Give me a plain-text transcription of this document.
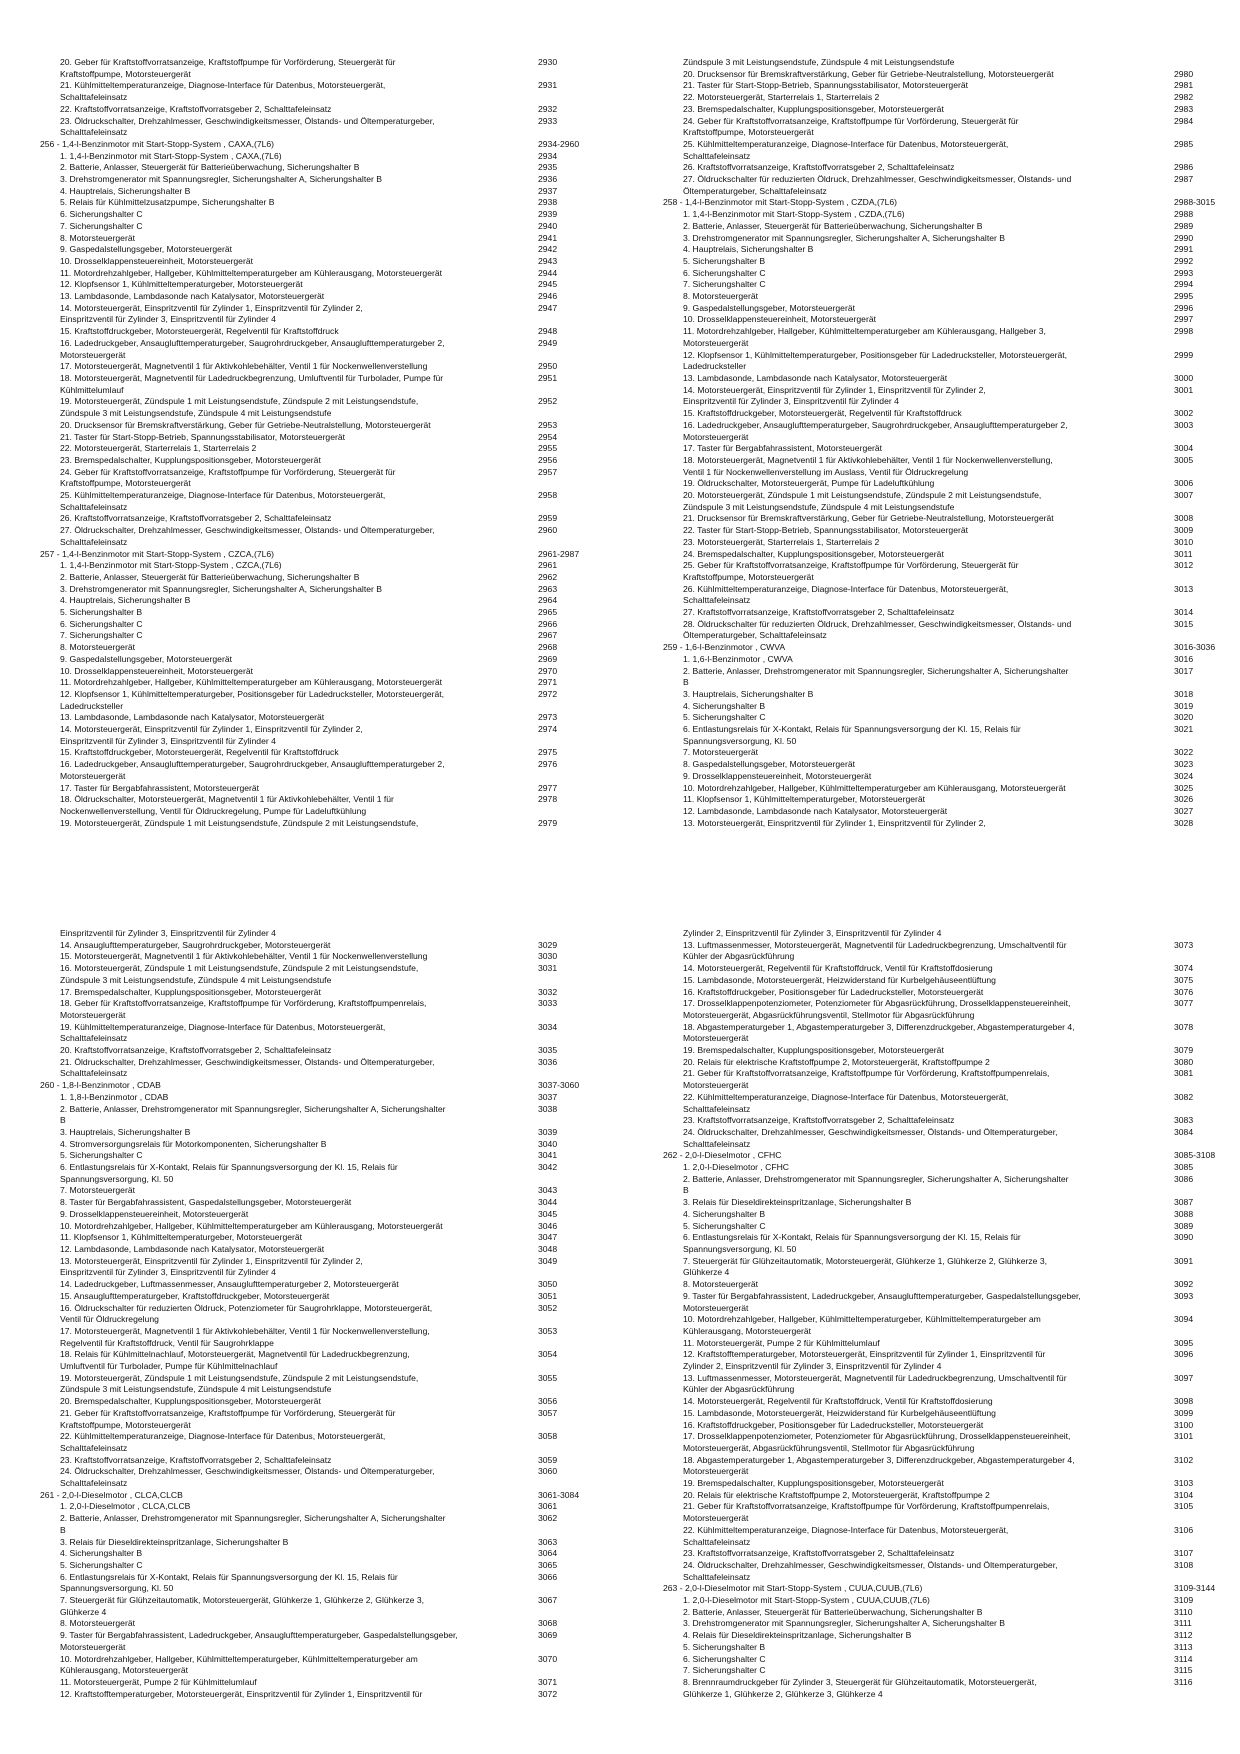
20. Geber für Kraftstoffvorratsanzeige, Kraftstoffpumpe für Vorförderung, Steuergerät für	2930
Kraftstoffpumpe, Motorsteuergerät
21. Kühlmitteltemperaturanzeige, Diagnose-Interface für Datenbus, Motorsteuergerät,	2931
Schalttafeleinsatz
22. Kraftstoffvorratsanzeige, Kraftstoffvorratsgeber 2, Schalttafeleinsatz	2932
23. Öldruckschalter, Drehzahlmesser, Geschwindigkeitsmesser, Ölstands- und Öltemperaturgeber,	2933
Schalttafeleinsatz
256 - 1,4-l-Benzinmotor mit Start-Stopp-System , CAXA,(7L6)	2934-2960
1. 1,4-l-Benzinmotor mit Start-Stopp-System , CAXA,(7L6)	2934
2. Batterie, Anlasser, Steuergerät für Batterieüberwachung, Sicherungshalter B	2935
3. Drehstromgenerator mit Spannungsregler, Sicherungshalter A, Sicherungshalter B	2936
4. Hauptrelais, Sicherungshalter B	2937
5. Relais für Kühlmittelzusatzpumpe, Sicherungshalter B	2938
6. Sicherungshalter C	2939
7. Sicherungshalter C	2940
8. Motorsteuergerät	2941
9. Gaspedalstellungsgeber, Motorsteuergerät	2942
10. Drosselklappensteuereinheit, Motorsteuergerät	2943
11. Motordrehzahlgeber, Hallgeber, Kühlmitteltemperaturgeber am Kühlerausgang, Motorsteuergerät	2944
12. Klopfsensor 1, Kühlmitteltemperaturgeber, Motorsteuergerät	2945
13. Lambdasonde, Lambdasonde nach Katalysator, Motorsteuergerät	2946
14. Motorsteuergerät, Einspritzventil für Zylinder 1, Einspritzventil für Zylinder 2,	2947
Einspritzventil für Zylinder 3, Einspritzventil für Zylinder 4
15. Kraftstoffdruckgeber, Motorsteuergerät, Regelventil für Kraftstoffdruck	2948
16. Ladedruckgeber, Ansauglufttemperaturgeber, Saugrohrdruckgeber, Ansauglufttemperaturgeber 2,	2949
Motorsteuergerät
17. Motorsteuergerät, Magnetventil 1 für Aktivkohlebehälter, Ventil 1 für Nockenwellenverstellung	2950
18. Motorsteuergerät, Magnetventil für Ladedruckbegrenzung, Umluftventil für Turbolader, Pumpe für	2951
Kühlmittelumlauf
19. Motorsteuergerät, Zündspule 1 mit Leistungsendstufe, Zündspule 2 mit Leistungsendstufe,	2952
Zündspule 3 mit Leistungsendstufe, Zündspule 4 mit Leistungsendstufe
20. Drucksensor für Bremskraftverstärkung, Geber für Getriebe-Neutralstellung, Motorsteuergerät	2953
21. Taster für Start-Stopp-Betrieb, Spannungsstabilisator, Motorsteuergerät	2954
22. Motorsteuergerät, Starterrelais 1, Starterrelais 2	2955
23. Bremspedalschalter, Kupplungspositionsgeber, Motorsteuergerät	2956
24. Geber für Kraftstoffvorratsanzeige, Kraftstoffpumpe für Vorförderung, Steuergerät für	2957
Kraftstoffpumpe, Motorsteuergerät
25. Kühlmitteltemperaturanzeige, Diagnose-Interface für Datenbus, Motorsteuergerät,	2958
Schalttafeleinsatz
26. Kraftstoffvorratsanzeige, Kraftstoffvorratsgeber 2, Schalttafeleinsatz	2959
27. Öldruckschalter, Drehzahlmesser, Geschwindigkeitsmesser, Ölstands- und Öltemperaturgeber,	2960
Schalttafeleinsatz
257 - 1,4-l-Benzinmotor mit Start-Stopp-System , CZCA,(7L6)	2961-2987
1. 1,4-l-Benzinmotor mit Start-Stopp-System , CZCA,(7L6)	2961
2. Batterie, Anlasser, Steuergerät für Batterieüberwachung, Sicherungshalter B	2962
3. Drehstromgenerator mit Spannungsregler, Sicherungshalter A, Sicherungshalter B	2963
4. Hauptrelais, Sicherungshalter B	2964
5. Sicherungshalter B	2965
6. Sicherungshalter C	2966
7. Sicherungshalter C	2967
8. Motorsteuergerät	2968
9. Gaspedalstellungsgeber, Motorsteuergerät	2969
10. Drosselklappensteuereinheit, Motorsteuergerät	2970
11. Motordrehzahlgeber, Hallgeber, Kühlmitteltemperaturgeber am Kühlerausgang, Motorsteuergerät	2971
12. Klopfsensor 1, Kühlmitteltemperaturgeber, Positionsgeber für Ladedrucksteller, Motorsteuergerät,	2972
Ladedrucksteller
13. Lambdasonde, Lambdasonde nach Katalysator, Motorsteuergerät	2973
14. Motorsteuergerät, Einspritzventil für Zylinder 1, Einspritzventil für Zylinder 2,	2974
Einspritzventil für Zylinder 3, Einspritzventil für Zylinder 4
15. Kraftstoffdruckgeber, Motorsteuergerät, Regelventil für Kraftstoffdruck	2975
16. Ladedruckgeber, Ansauglufttemperaturgeber, Saugrohrdruckgeber, Ansauglufttemperaturgeber 2,	2976
Motorsteuergerät
17. Taster für Bergabfahrassistent, Motorsteuergerät	2977
18. Öldruckschalter, Motorsteuergerät, Magnetventil 1 für Aktivkohlebehälter, Ventil 1 für	2978
Nockenwellenverstellung, Ventil für Öldruckregelung, Pumpe für Ladeluftkühlung
19. Motorsteuergerät, Zündspule 1 mit Leistungsendstufe, Zündspule 2 mit Leistungsendstufe,	2979
Zündspule 3 mit Leistungsendstufe, Zündspule 4 mit Leistungsendstufe
20. Drucksensor für Bremskraftverstärkung, Geber für Getriebe-Neutralstellung, Motorsteuergerät	2980
21. Taster für Start-Stopp-Betrieb, Spannungsstabilisator, Motorsteuergerät	2981
22. Motorsteuergerät, Starterrelais 1, Starterrelais 2	2982
23. Bremspedalschalter, Kupplungspositionsgeber, Motorsteuergerät	2983
24. Geber für Kraftstoffvorratsanzeige, Kraftstoffpumpe für Vorförderung, Steuergerät für	2984
Kraftstoffpumpe, Motorsteuergerät
25. Kühlmitteltemperaturanzeige, Diagnose-Interface für Datenbus, Motorsteuergerät,	2985
Schalttafeleinsatz
26. Kraftstoffvorratsanzeige, Kraftstoffvorratsgeber 2, Schalttafeleinsatz	2986
27. Öldruckschalter für reduzierten Öldruck, Drehzahlmesser, Geschwindigkeitsmesser, Ölstands- und	2987
Öltemperaturgeber, Schalttafeleinsatz
258 - 1,4-l-Benzinmotor mit Start-Stopp-System , CZDA,(7L6)	2988-3015
1. 1,4-l-Benzinmotor mit Start-Stopp-System , CZDA,(7L6)	2988
2. Batterie, Anlasser, Steuergerät für Batterieüberwachung, Sicherungshalter B	2989
3. Drehstromgenerator mit Spannungsregler, Sicherungshalter A, Sicherungshalter B	2990
4. Hauptrelais, Sicherungshalter B	2991
5. Sicherungshalter B	2992
6. Sicherungshalter C	2993
7. Sicherungshalter C	2994
8. Motorsteuergerät	2995
9. Gaspedalstellungsgeber, Motorsteuergerät	2996
10. Drosselklappensteuereinheit, Motorsteuergerät	2997
11. Motordrehzahlgeber, Hallgeber, Kühlmitteltemperaturgeber am Kühlerausgang, Hallgeber 3,	2998
Motorsteuergerät
12. Klopfsensor 1, Kühlmitteltemperaturgeber, Positionsgeber für Ladedrucksteller, Motorsteuergerät,	2999
Ladedrucksteller
13. Lambdasonde, Lambdasonde nach Katalysator, Motorsteuergerät	3000
14. Motorsteuergerät, Einspritzventil für Zylinder 1, Einspritzventil für Zylinder 2,	3001
Einspritzventil für Zylinder 3, Einspritzventil für Zylinder 4
15. Kraftstoffdruckgeber, Motorsteuergerät, Regelventil für Kraftstoffdruck	3002
16. Ladedruckgeber, Ansauglufttemperaturgeber, Saugrohrdruckgeber, Ansauglufttemperaturgeber 2,	3003
Motorsteuergerät
17. Taster für Bergabfahrassistent, Motorsteuergerät	3004
18. Motorsteuergerät, Magnetventil 1 für Aktivkohlebehälter, Ventil 1 für Nockenwellenverstellung,	3005
Ventil 1 für Nockenwellenverstellung im Auslass, Ventil für Öldruckregelung
19. Öldruckschalter, Motorsteuergerät, Pumpe für Ladeluftkühlung	3006
20. Motorsteuergerät, Zündspule 1 mit Leistungsendstufe, Zündspule 2 mit Leistungsendstufe,	3007
Zündspule 3 mit Leistungsendstufe, Zündspule 4 mit Leistungsendstufe
21. Drucksensor für Bremskraftverstärkung, Geber für Getriebe-Neutralstellung, Motorsteuergerät	3008
22. Taster für Start-Stopp-Betrieb, Spannungsstabilisator, Motorsteuergerät	3009
23. Motorsteuergerät, Starterrelais 1, Starterrelais 2	3010
24. Bremspedalschalter, Kupplungspositionsgeber, Motorsteuergerät	3011
25. Geber für Kraftstoffvorratsanzeige, Kraftstoffpumpe für Vorförderung, Steuergerät für	3012
Kraftstoffpumpe, Motorsteuergerät
26. Kühlmitteltemperaturanzeige, Diagnose-Interface für Datenbus, Motorsteuergerät,	3013
Schalttafeleinsatz
27. Kraftstoffvorratsanzeige, Kraftstoffvorratsgeber 2, Schalttafeleinsatz	3014
28. Öldruckschalter für reduzierten Öldruck, Drehzahlmesser, Geschwindigkeitsmesser, Ölstands- und	3015
Öltemperaturgeber, Schalttafeleinsatz
259 - 1,6-l-Benzinmotor , CWVA	3016-3036
1. 1,6-l-Benzinmotor , CWVA	3016
2. Batterie, Anlasser, Drehstromgenerator mit Spannungsregler, Sicherungshalter A, Sicherungshalter	3017
B
3. Hauptrelais, Sicherungshalter B	3018
4. Sicherungshalter B	3019
5. Sicherungshalter C	3020
6. Entlastungsrelais für X-Kontakt, Relais für Spannungsversorgung der Kl. 15, Relais für	3021
Spannungsversorgung, Kl. 50
7. Motorsteuergerät	3022
8. Gaspedalstellungsgeber, Motorsteuergerät	3023
9. Drosselklappensteuereinheit, Motorsteuergerät	3024
10. Motordrehzahlgeber, Hallgeber, Kühlmitteltemperaturgeber am Kühlerausgang, Motorsteuergerät	3025
11. Klopfsensor 1, Kühlmitteltemperaturgeber, Motorsteuergerät	3026
12. Lambdasonde, Lambdasonde nach Katalysator, Motorsteuergerät	3027
13. Motorsteuergerät, Einspritzventil für Zylinder 1, Einspritzventil für Zylinder 2,	3028
Einspritzventil für Zylinder 3, Einspritzventil für Zylinder 4
14. Ansauglufttemperaturgeber, Saugrohrdruckgeber, Motorsteuergerät	3029
15. Motorsteuergerät, Magnetventil 1 für Aktivkohlebehälter, Ventil 1 für Nockenwellenverstellung	3030
16. Motorsteuergerät, Zündspule 1 mit Leistungsendstufe, Zündspule 2 mit Leistungsendstufe,	3031
Zündspule 3 mit Leistungsendstufe, Zündspule 4 mit Leistungsendstufe
17. Bremspedalschalter, Kupplungspositionsgeber, Motorsteuergerät	3032
18. Geber für Kraftstoffvorratsanzeige, Kraftstoffpumpe für Vorförderung, Kraftstoffpumpenrelais,	3033
Motorsteuergerät
19. Kühlmitteltemperaturanzeige, Diagnose-Interface für Datenbus, Motorsteuergerät,	3034
Schalttafeleinsatz
20. Kraftstoffvorratsanzeige, Kraftstoffvorratsgeber 2, Schalttafeleinsatz	3035
21. Öldruckschalter, Drehzahlmesser, Geschwindigkeitsmesser, Ölstands- und Öltemperaturgeber,	3036
Schalttafeleinsatz
260 - 1,8-l-Benzinmotor , CDAB	3037-3060
1. 1,8-l-Benzinmotor , CDAB	3037
2. Batterie, Anlasser, Drehstromgenerator mit Spannungsregler, Sicherungshalter A, Sicherungshalter	3038
B
3. Hauptrelais, Sicherungshalter B	3039
4. Stromversorgungsrelais für Motorkomponenten, Sicherungshalter B	3040
5. Sicherungshalter C	3041
6. Entlastungsrelais für X-Kontakt, Relais für Spannungsversorgung der Kl. 15, Relais für	3042
Spannungsversorgung, Kl. 50
7. Motorsteuergerät	3043
8. Taster für Bergabfahrassistent, Gaspedalstellungsgeber, Motorsteuergerät	3044
9. Drosselklappensteuereinheit, Motorsteuergerät	3045
10. Motordrehzahlgeber, Hallgeber, Kühlmitteltemperaturgeber am Kühlerausgang, Motorsteuergerät	3046
11. Klopfsensor 1, Kühlmitteltemperaturgeber, Motorsteuergerät	3047
12. Lambdasonde, Lambdasonde nach Katalysator, Motorsteuergerät	3048
13. Motorsteuergerät, Einspritzventil für Zylinder 1, Einspritzventil für Zylinder 2,	3049
Einspritzventil für Zylinder 3, Einspritzventil für Zylinder 4
14. Ladedruckgeber, Luftmassenmesser, Ansauglufttemperaturgeber 2, Motorsteuergerät	3050
15. Ansauglufttemperaturgeber, Kraftstoffdruckgeber, Motorsteuergerät	3051
16. Öldruckschalter für reduzierten Öldruck, Potenziometer für Saugrohrklappe, Motorsteuergerät,	3052
Ventil für Öldruckregelung
17. Motorsteuergerät, Magnetventil 1 für Aktivkohlebehälter, Ventil 1 für Nockenwellenverstellung,	3053
Regelventil für Kraftstoffdruck, Ventil für Saugrohrklappe
18. Relais für Kühlmittelnachlauf, Motorsteuergerät, Magnetventil für Ladedruckbegrenzung,	3054
Umluftventil für Turbolader, Pumpe für Kühlmittelnachlauf
19. Motorsteuergerät, Zündspule 1 mit Leistungsendstufe, Zündspule 2 mit Leistungsendstufe,	3055
Zündspule 3 mit Leistungsendstufe, Zündspule 4 mit Leistungsendstufe
20. Bremspedalschalter, Kupplungspositionsgeber, Motorsteuergerät	3056
21. Geber für Kraftstoffvorratsanzeige, Kraftstoffpumpe für Vorförderung, Steuergerät für	3057
Kraftstoffpumpe, Motorsteuergerät
22. Kühlmitteltemperaturanzeige, Diagnose-Interface für Datenbus, Motorsteuergerät,	3058
Schalttafeleinsatz
23. Kraftstoffvorratsanzeige, Kraftstoffvorratsgeber 2, Schalttafeleinsatz	3059
24. Öldruckschalter, Drehzahlmesser, Geschwindigkeitsmesser, Ölstands- und Öltemperaturgeber,	3060
Schalttafeleinsatz
261 - 2,0-l-Dieselmotor , CLCA,CLCB	3061-3084
1. 2,0-l-Dieselmotor , CLCA,CLCB	3061
2. Batterie, Anlasser, Drehstromgenerator mit Spannungsregler, Sicherungshalter A, Sicherungshalter	3062
B
3. Relais für Dieseldirekteinspritzanlage, Sicherungshalter B	3063
4. Sicherungshalter B	3064
5. Sicherungshalter C	3065
6. Entlastungsrelais für X-Kontakt, Relais für Spannungsversorgung der Kl. 15, Relais für	3066
Spannungsversorgung, Kl. 50
7. Steuergerät für Glühzeitautomatik, Motorsteuergerät, Glühkerze 1, Glühkerze 2, Glühkerze 3,	3067
Glühkerze 4
8. Motorsteuergerät	3068
9. Taster für Bergabfahrassistent, Ladedruckgeber, Ansauglufttemperaturgeber, Gaspedalstellungsgeber,	3069
Motorsteuergerät
10. Motordrehzahlgeber, Hallgeber, Kühlmitteltemperaturgeber, Kühlmitteltemperaturgeber am	3070
Kühlerausgang, Motorsteuergerät
11. Motorsteuergerät, Pumpe 2 für Kühlmittelumlauf	3071
12. Kraftstofftemperaturgeber, Motorsteuergerät, Einspritzventil für Zylinder 1, Einspritzventil für	3072
Zylinder 2, Einspritzventil für Zylinder 3, Einspritzventil für Zylinder 4
13. Luftmassenmesser, Motorsteuergerät, Magnetventil für Ladedruckbegrenzung, Umschaltventil für	3073
Kühler der Abgasrückführung
14. Motorsteuergerät, Regelventil für Kraftstoffdruck, Ventil für Kraftstoffdosierung	3074
15. Lambdasonde, Motorsteuergerät, Heizwiderstand für Kurbelgehäuseentlüftung	3075
16. Kraftstoffdruckgeber, Positionsgeber für Ladedrucksteller, Motorsteuergerät	3076
17. Drosselklappenpotenziometer, Potenziometer für Abgasrückführung, Drosselklappensteuereinheit,	3077
Motorsteuergerät, Abgasrückführungsventil, Stellmotor für Abgasrückführung
18. Abgastemperaturgeber 1, Abgastemperaturgeber 3, Differenzdruckgeber, Abgastemperaturgeber 4,	3078
Motorsteuergerät
19. Bremspedalschalter, Kupplungspositionsgeber, Motorsteuergerät	3079
20. Relais für elektrische Kraftstoffpumpe 2, Motorsteuergerät, Kraftstoffpumpe 2	3080
21. Geber für Kraftstoffvorratsanzeige, Kraftstoffpumpe für Vorförderung, Kraftstoffpumpenrelais,	3081
Motorsteuergerät
22. Kühlmitteltemperaturanzeige, Diagnose-Interface für Datenbus, Motorsteuergerät,	3082
Schalttafeleinsatz
23. Kraftstoffvorratsanzeige, Kraftstoffvorratsgeber 2, Schalttafeleinsatz	3083
24. Öldruckschalter, Drehzahlmesser, Geschwindigkeitsmesser, Ölstands- und Öltemperaturgeber,	3084
Schalttafeleinsatz
262 - 2,0-l-Dieselmotor , CFHC	3085-3108
1. 2,0-l-Dieselmotor , CFHC	3085
2. Batterie, Anlasser, Drehstromgenerator mit Spannungsregler, Sicherungshalter A, Sicherungshalter	3086
B
3. Relais für Dieseldirekteinspritzanlage, Sicherungshalter B	3087
4. Sicherungshalter B	3088
5. Sicherungshalter C	3089
6. Entlastungsrelais für X-Kontakt, Relais für Spannungsversorgung der Kl. 15, Relais für	3090
Spannungsversorgung, Kl. 50
7. Steuergerät für Glühzeitautomatik, Motorsteuergerät, Glühkerze 1, Glühkerze 2, Glühkerze 3,	3091
Glühkerze 4
8. Motorsteuergerät	3092
9. Taster für Bergabfahrassistent, Ladedruckgeber, Ansauglufttemperaturgeber, Gaspedalstellungsgeber,	3093
Motorsteuergerät
10. Motordrehzahlgeber, Hallgeber, Kühlmitteltemperaturgeber, Kühlmitteltemperaturgeber am	3094
Kühlerausgang, Motorsteuergerät
11. Motorsteuergerät, Pumpe 2 für Kühlmittelumlauf	3095
12. Kraftstofftemperaturgeber, Motorsteuergerät, Einspritzventil für Zylinder 1, Einspritzventil für	3096
Zylinder 2, Einspritzventil für Zylinder 3, Einspritzventil für Zylinder 4
13. Luftmassenmesser, Motorsteuergerät, Magnetventil für Ladedruckbegrenzung, Umschaltventil für	3097
Kühler der Abgasrückführung
14. Motorsteuergerät, Regelventil für Kraftstoffdruck, Ventil für Kraftstoffdosierung	3098
15. Lambdasonde, Motorsteuergerät, Heizwiderstand für Kurbelgehäuseentlüftung	3099
16. Kraftstoffdruckgeber, Positionsgeber für Ladedrucksteller, Motorsteuergerät	3100
17. Drosselklappenpotenziometer, Potenziometer für Abgasrückführung, Drosselklappensteuereinheit,	3101
Motorsteuergerät, Abgasrückführungsventil, Stellmotor für Abgasrückführung
18. Abgastemperaturgeber 1, Abgastemperaturgeber 3, Differenzdruckgeber, Abgastemperaturgeber 4,	3102
Motorsteuergerät
19. Bremspedalschalter, Kupplungspositionsgeber, Motorsteuergerät	3103
20. Relais für elektrische Kraftstoffpumpe 2, Motorsteuergerät, Kraftstoffpumpe 2	3104
21. Geber für Kraftstoffvorratsanzeige, Kraftstoffpumpe für Vorförderung, Kraftstoffpumpenrelais,	3105
Motorsteuergerät
22. Kühlmitteltemperaturanzeige, Diagnose-Interface für Datenbus, Motorsteuergerät,	3106
Schalttafeleinsatz
23. Kraftstoffvorratsanzeige, Kraftstoffvorratsgeber 2, Schalttafeleinsatz	3107
24. Öldruckschalter, Drehzahlmesser, Geschwindigkeitsmesser, Ölstands- und Öltemperaturgeber,	3108
Schalttafeleinsatz
263 - 2,0-l-Dieselmotor mit Start-Stopp-System , CUUA,CUUB,(7L6)	3109-3144
1. 2,0-l-Dieselmotor mit Start-Stopp-System , CUUA,CUUB,(7L6)	3109
2. Batterie, Anlasser, Steuergerät für Batterieüberwachung, Sicherungshalter B	3110
3. Drehstromgenerator mit Spannungsregler, Sicherungshalter A, Sicherungshalter B	3111
4. Relais für Dieseldirekteinspritzanlage, Sicherungshalter B	3112
5. Sicherungshalter B	3113
6. Sicherungshalter C	3114
7. Sicherungshalter C	3115
8. Brennraumdruckgeber für Zylinder 3, Steuergerät für Glühzeitautomatik, Motorsteuergerät,	3116
Glühkerze 1, Glühkerze 2, Glühkerze 3, Glühkerze 4
